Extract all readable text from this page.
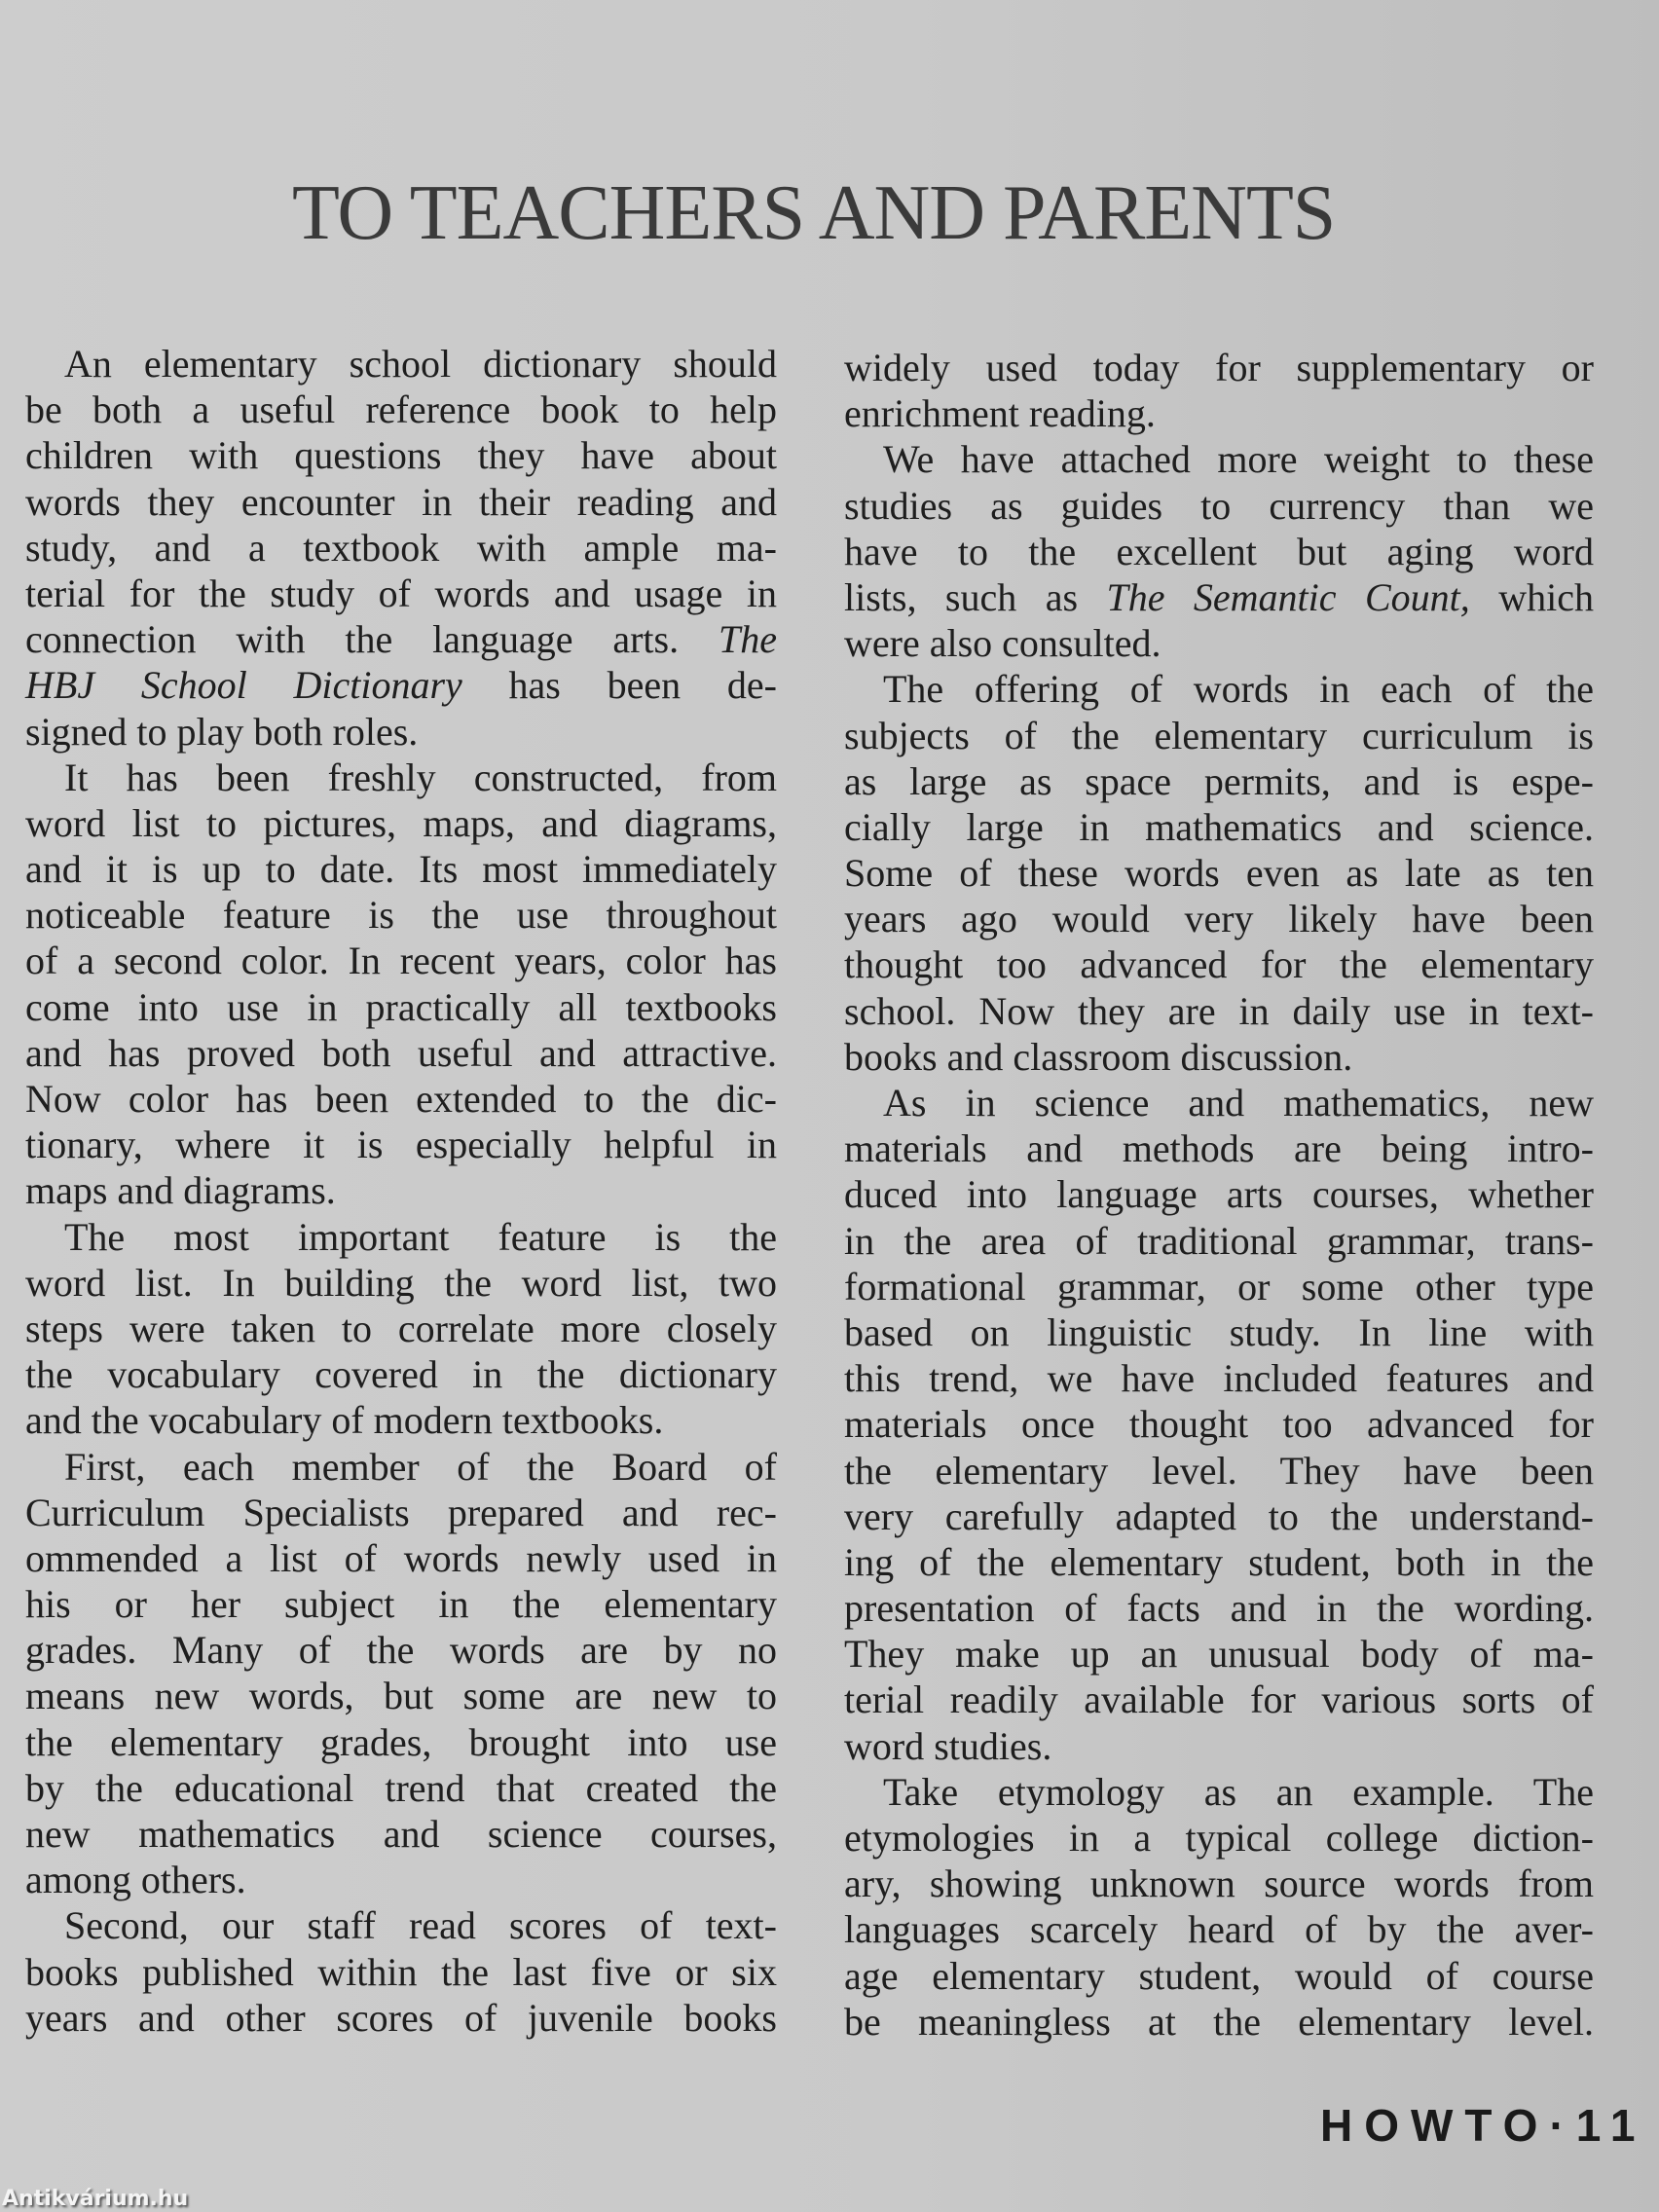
TO TEACHERS AND PARENTS
An elementary school dictionary should
be both a useful reference book to help
children with questions they have about
words they encounter in their reading and
study, and a textbook with ample ma-
terial for the study of words and usage in
connection with the language arts. The
HBJ School Dictionary has been de-
signed to play both roles.
It has been freshly constructed, from
word list to pictures, maps, and diagrams,
and it is up to date. Its most immediately
noticeable feature is the use throughout
of a second color. In recent years, color has
come into use in practically all textbooks
and has proved both useful and attractive.
Now color has been extended to the dic-
tionary, where it is especially helpful in
maps and diagrams.
The most important feature is the
word list. In building the word list, two
steps were taken to correlate more closely
the vocabulary covered in the dictionary
and the vocabulary of modern textbooks.
First, each member of the Board of
Curriculum Specialists prepared and rec-
ommended a list of words newly used in
his or her subject in the elementary
grades. Many of the words are by no
means new words, but some are new to
the elementary grades, brought into use
by the educational trend that created the
new mathematics and science courses,
among others.
Second, our staff read scores of text-
books published within the last five or six
years and other scores of juvenile books
widely used today for supplementary or
enrichment reading.
We have attached more weight to these
studies as guides to currency than we
have to the excellent but aging word
lists, such as The Semantic Count, which
were also consulted.
The offering of words in each of the
subjects of the elementary curriculum is
as large as space permits, and is espe-
cially large in mathematics and science.
Some of these words even as late as ten
years ago would very likely have been
thought too advanced for the elementary
school. Now they are in daily use in text-
books and classroom discussion.
As in science and mathematics, new
materials and methods are being intro-
duced into language arts courses, whether
in the area of traditional grammar, trans-
formational grammar, or some other type
based on linguistic study. In line with
this trend, we have included features and
materials once thought too advanced for
the elementary level. They have been
very carefully adapted to the understand-
ing of the elementary student, both in the
presentation of facts and in the wording.
They make up an unusual body of ma-
terial readily available for various sorts of
word studies.
Take etymology as an example. The
etymologies in a typical college diction-
ary, showing unknown source words from
languages scarcely heard of by the aver-
age elementary student, would of course
be meaningless at the elementary level.
HOWTO·11
Antikvárium.hu
